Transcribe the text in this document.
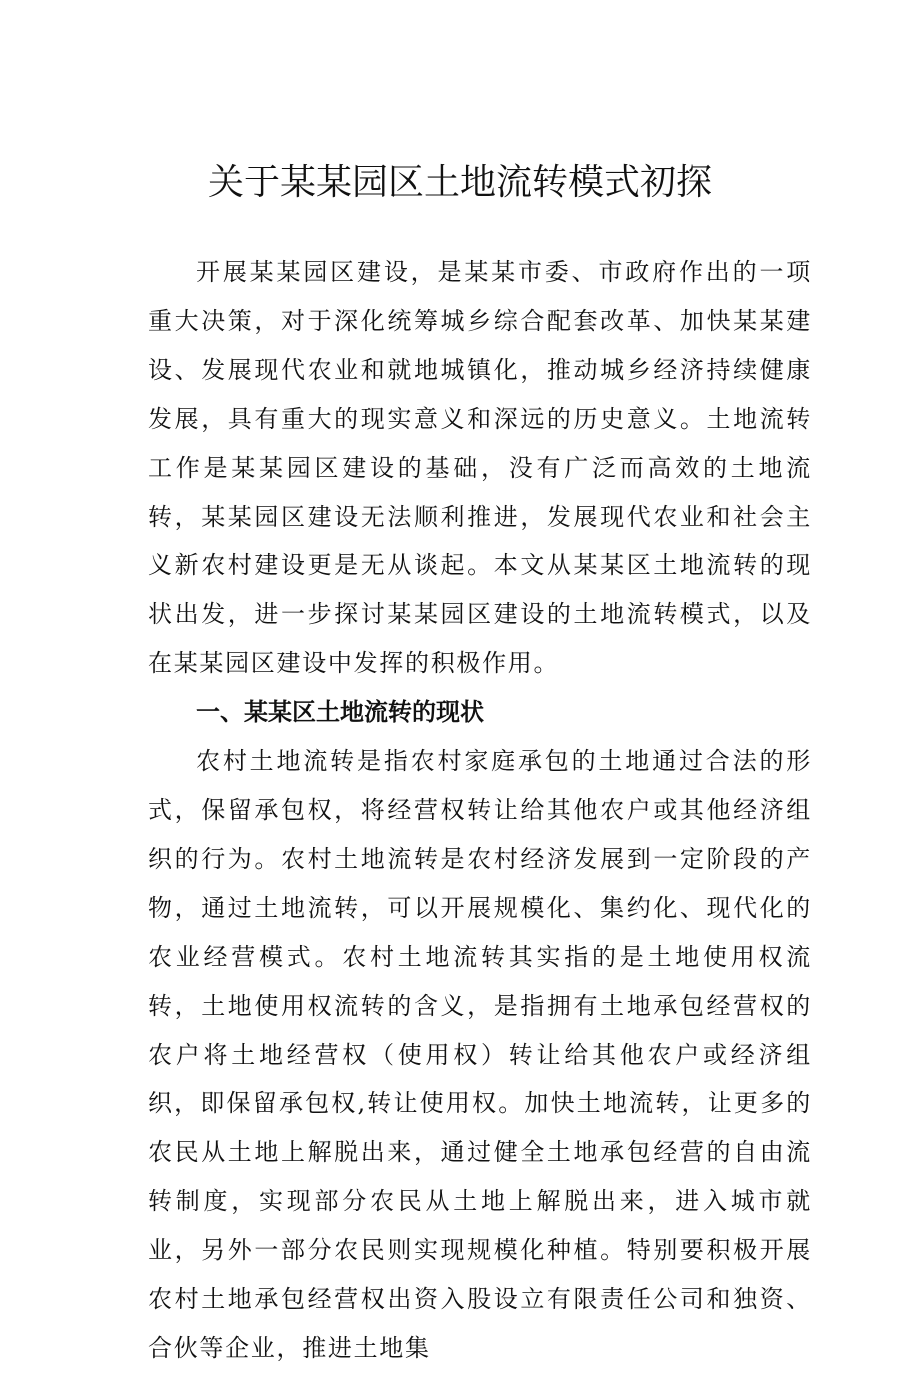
关于某某园区土地流转模式初探

开展某某园区建设，是某某市委、市政府作出的一项重大决策，对于深化统筹城乡综合配套改革、加快某某建设、发展现代农业和就地城镇化，推动城乡经济持续健康发展，具有重大的现实意义和深远的历史意义。土地流转工作是某某园区建设的基础，没有广泛而高效的土地流转，某某园区建设无法顺利推进，发展现代农业和社会主义新农村建设更是无从谈起。本文从某某区土地流转的现状出发，进一步探讨某某园区建设的土地流转模式，以及在某某园区建设中发挥的积极作用。

一、某某区土地流转的现状

农村土地流转是指农村家庭承包的土地通过合法的形式，保留承包权，将经营权转让给其他农户或其他经济组织的行为。农村土地流转是农村经济发展到一定阶段的产物，通过土地流转，可以开展规模化、集约化、现代化的农业经营模式。农村土地流转其实指的是土地使用权流转，土地使用权流转的含义，是指拥有土地承包经营权的农户将土地经营权（使用权）转让给其他农户或经济组织，即保留承包权,转让使用权。加快土地流转，让更多的农民从土地上解脱出来，通过健全土地承包经营的自由流转制度，实现部分农民从土地上解脱出来，进入城市就业，另外一部分农民则实现规模化种植。特别要积极开展农村土地承包经营权出资入股设立有限责任公司和独资、合伙等企业，推进土地集
